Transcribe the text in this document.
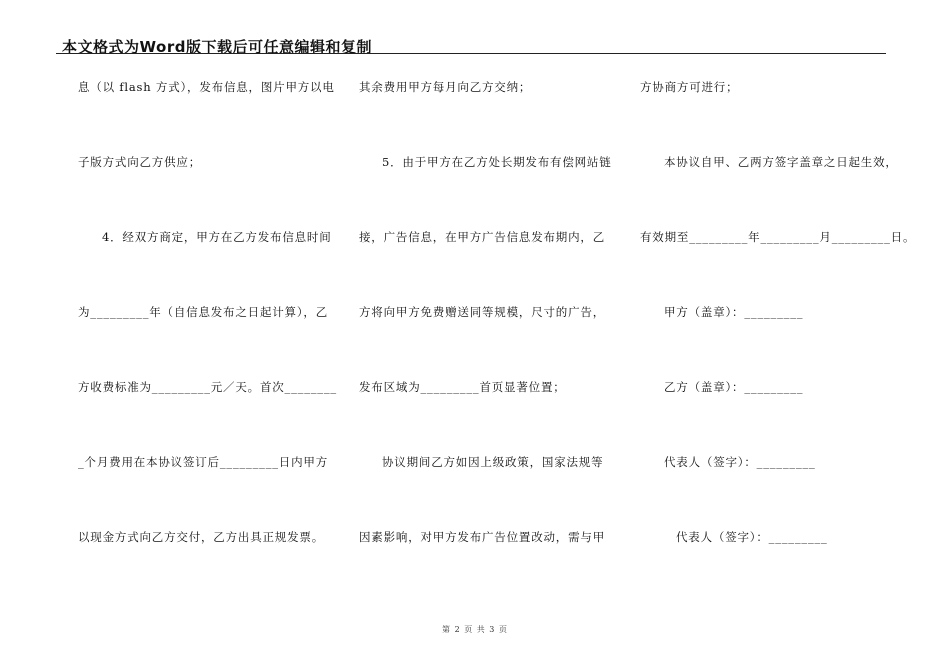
本文格式为Word版下载后可任意编辑和复制
息（以 flash 方式），发布信息，图片甲方以电
子版方式向乙方供应；
4．经双方商定，甲方在乙方发布信息时间
为_________年（自信息发布之日起计算），乙
方收费标准为_________元／天。首次________
_个月费用在本协议签订后_________日内甲方
以现金方式向乙方交付，乙方出具正规发票。
其余费用甲方每月向乙方交纳；
5．由于甲方在乙方处长期发布有偿网站链
接，广告信息，在甲方广告信息发布期内，乙
方将向甲方免费赠送同等规模，尺寸的广告，
发布区域为_________首页显著位置；
协议期间乙方如因上级政策，国家法规等
因素影响，对甲方发布广告位置改动，需与甲
方协商方可进行；
本协议自甲、乙两方签字盖章之日起生效，
有效期至_________年_________月_________日。
甲方（盖章）：_________
乙方（盖章）：_________
代表人（签字）：_________
代表人（签字）：_________
第 2 页 共 3 页
